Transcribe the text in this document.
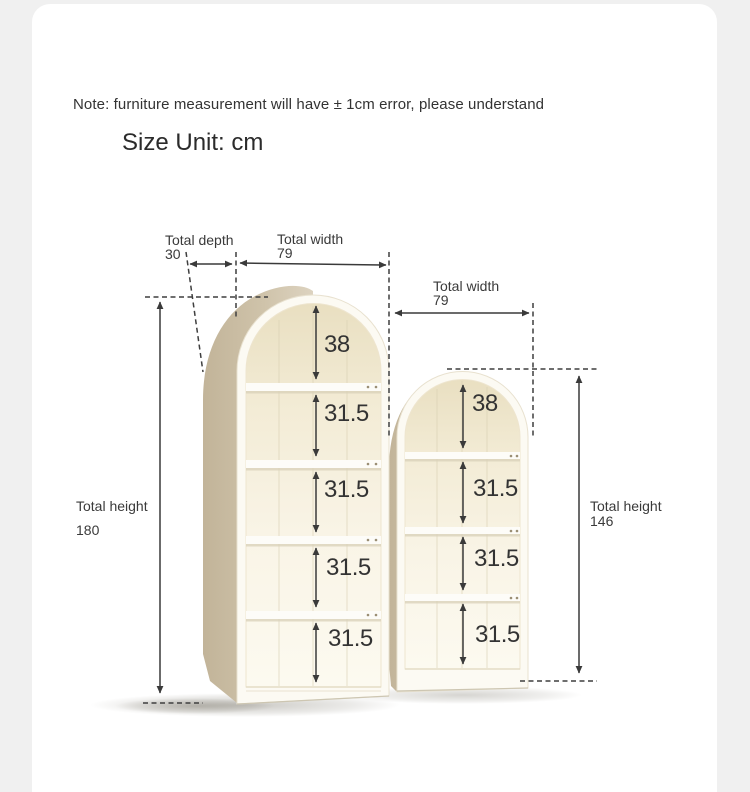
Note: furniture measurement will have ± 1cm error, please understand
Size Unit: cm
Total depth
30
Total width
79
Total width
79
Total height
180
Total height
146
38
31.5
31.5
31.5
31.5
38
31.5
31.5
31.5
